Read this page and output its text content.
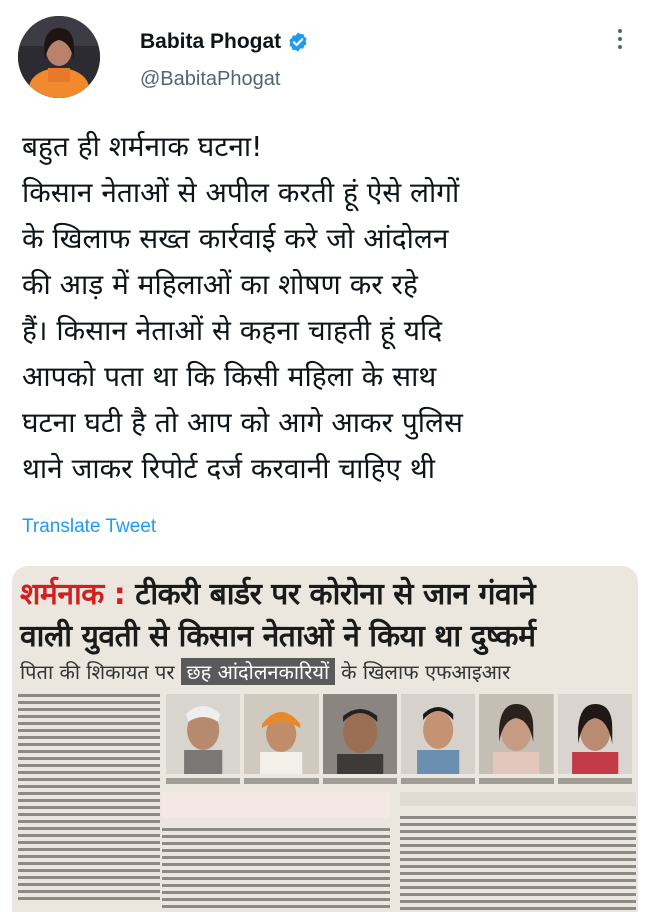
Babita Phogat
@BabitaPhogat
बहुत ही शर्मनाक घटना!
किसान नेताओं से अपील करती हूं ऐसे लोगों
के खिलाफ सख्त कार्रवाई करे जो आंदोलन
की आड़ में महिलाओं का शोषण कर रहे
हैं। किसान नेताओं से कहना चाहती हूं यदि
आपको पता था कि किसी महिला के साथ
घटना घटी है तो आप को आगे आकर पुलिस
थाने जाकर रिपोर्ट दर्ज करवानी चाहिए थी
Translate Tweet
शर्मनाक : टीकरी बार्डर पर कोरोना से जान गंवाने
वाली युवती से किसान नेताओं ने किया था दुष्कर्म
पिता की शिकायत पर छह आंदोलनकारियों के खिलाफ एफआइआर
